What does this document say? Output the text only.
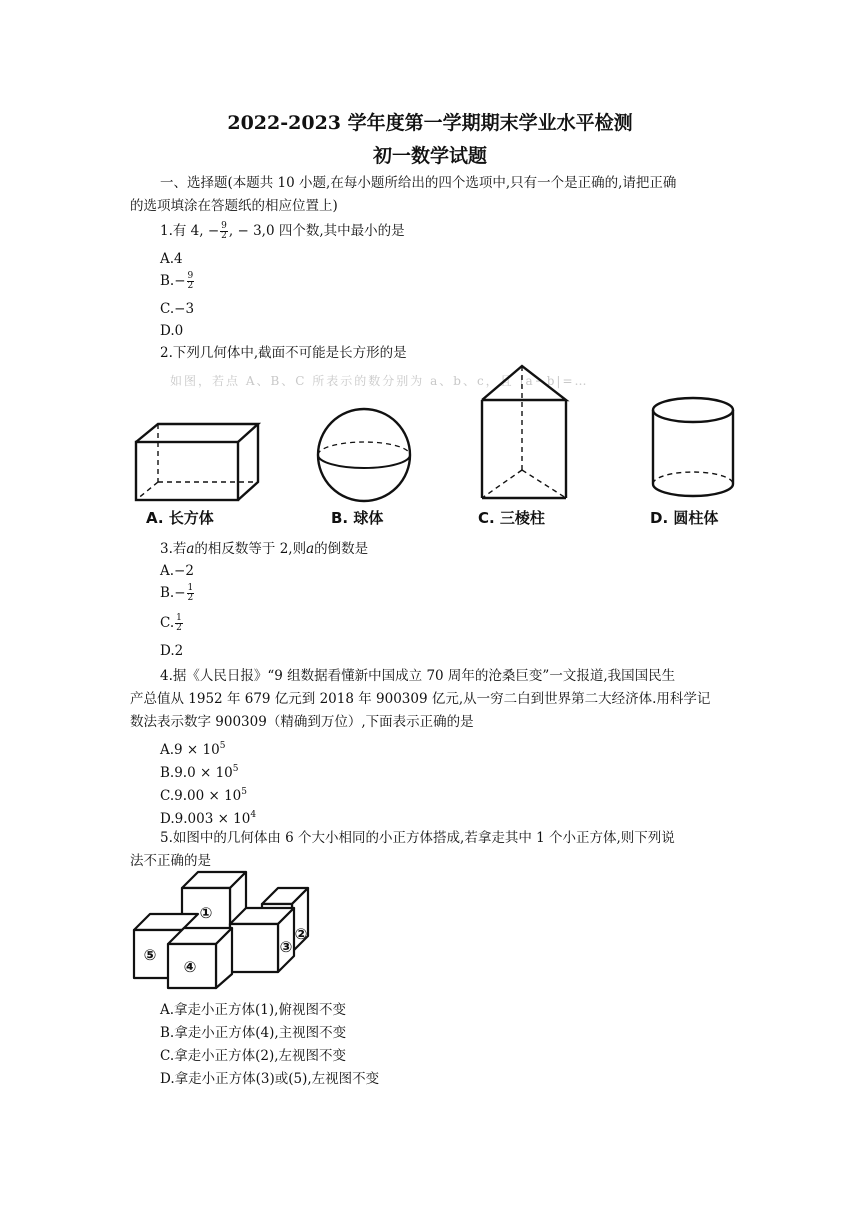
2022-2023 学年度第一学期期末学业水平检测
初一数学试题
一、选择题(本题共 10 小题,在每小题所给出的四个选项中,只有一个是正确的,请把正确
的选项填涂在答题纸的相应位置上)
1.有 4, − $\frac{9}{2}$ , − 3,0 四个数,其中最小的是
A.4
$B.- \frac{9}{2}$
C.−3
D.0
2.下列几何体中,截面不可能是长方形的是
如图，若点 A、B、C 所表示的数分别为 a、b、c，且 |a−b|=…
A. 长方体	B. 球体	C. 三棱柱	D. 圆柱体
3.若𝑎的相反数等于 2,则𝑎的倒数是
A.−2
$B.- \frac{1}{2}$
C. $\frac{1}{2}$
D.2
4.据《人民日报》“9 组数据看懂新中国成立 70 周年的沧桑巨变”一文报道,我国国民生
产总值从 1952 年 679 亿元到 2018 年 900309 亿元,从一穷二白到世界第二大经济体.用科学记
数法表示数字 900309（精确到万位）,下面表示正确的是
$A.9 \times 10^5$
$B.9.0 \times 10^5$
$C.9.00 \times 10^5$
$D.9.003 \times 10^4$
5.如图中的几何体由 6 个大小相同的小正方体搭成,若拿走其中 1 个小正方体,则下列说
法不正确的是
①
②
③
⑤
④
A.拿走小正方体(1),俯视图不变
B.拿走小正方体(4),主视图不变
C.拿走小正方体(2),左视图不变
D.拿走小正方体(3)或(5),左视图不变
